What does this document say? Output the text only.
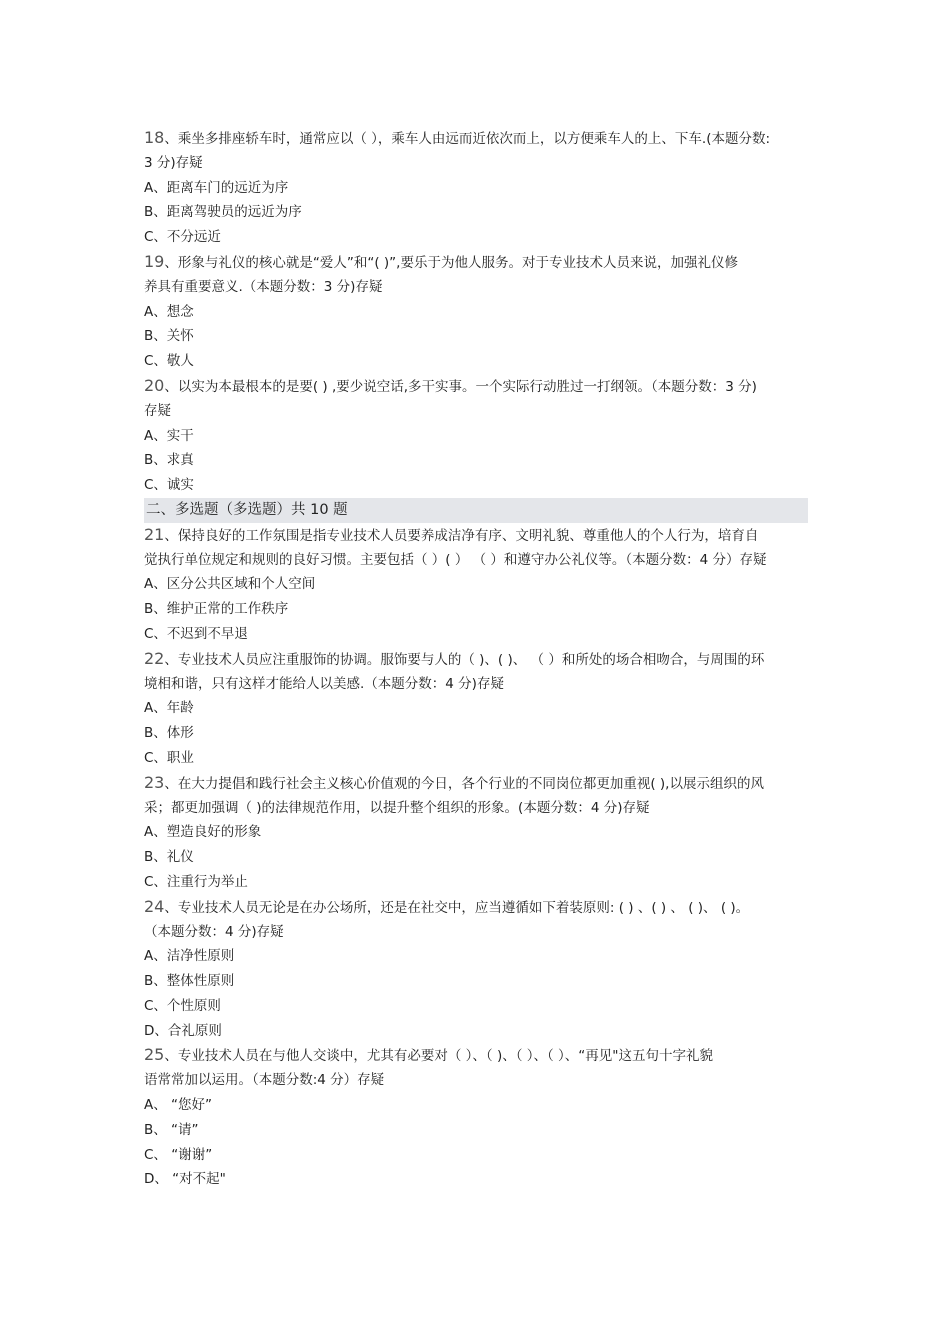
18、乘坐多排座轿车时，通常应以（ ），乘车人由远而近依次而上，以方便乘车人的上、下车.(本题分数:
3 分)存疑
A、距离车门的远近为序
B、距离驾驶员的远近为序
C、不分远近
19、形象与礼仪的核心就是“爱人”和“( )”,要乐于为他人服务。对于专业技术人员来说，加强礼仪修
养具有重要意义.（本题分数：3 分)存疑
A、想念
B、关怀
C、敬人
20、以实为本最根本的是要( ) ,要少说空话,多干实事。一个实际行动胜过一打纲领。（本题分数：3 分)
存疑
A、实干
B、求真
C、诚实
二、多选题（多选题）共 10 题
21、保持良好的工作氛围是指专业技术人员要养成洁净有序、文明礼貌、尊重他人的个人行为，培育自
觉执行单位规定和规则的良好习惯。主要包括（ ）( ） （ ）和遵守办公礼仪等。（本题分数：4 分）存疑
A、区分公共区域和个人空间
B、维护正常的工作秩序
C、不迟到不早退
22、专业技术人员应注重服饰的协调。服饰要与人的（ )、( )、 （ ）和所处的场合相吻合，与周围的环
境相和谐，只有这样才能给人以美感.（本题分数：4 分)存疑
A、年龄
B、体形
C、职业
23、在大力提倡和践行社会主义核心价值观的今日，各个行业的不同岗位都更加重视( ),以展示组织的风
采；都更加强调（ )的法律规范作用，以提升整个组织的形象。(本题分数：4 分)存疑
A、塑造良好的形象
B、礼仪
C、注重行为举止
24、专业技术人员无论是在办公场所，还是在社交中，应当遵循如下着装原则: ( ) 、( ) 、 ( )、 ( )。
（本题分数：4 分)存疑
A、洁净性原则
B、整体性原则
C、个性原则
D、合礼原则
25、专业技术人员在与他人交谈中，尤其有必要对（ ）、（ )、（ ）、（ ）、“再见"这五句十字礼貌
语常常加以运用。（本题分数:4 分）存疑
A、 “您好”
B、 “请”
C、 “谢谢”
D、 “对不起"
